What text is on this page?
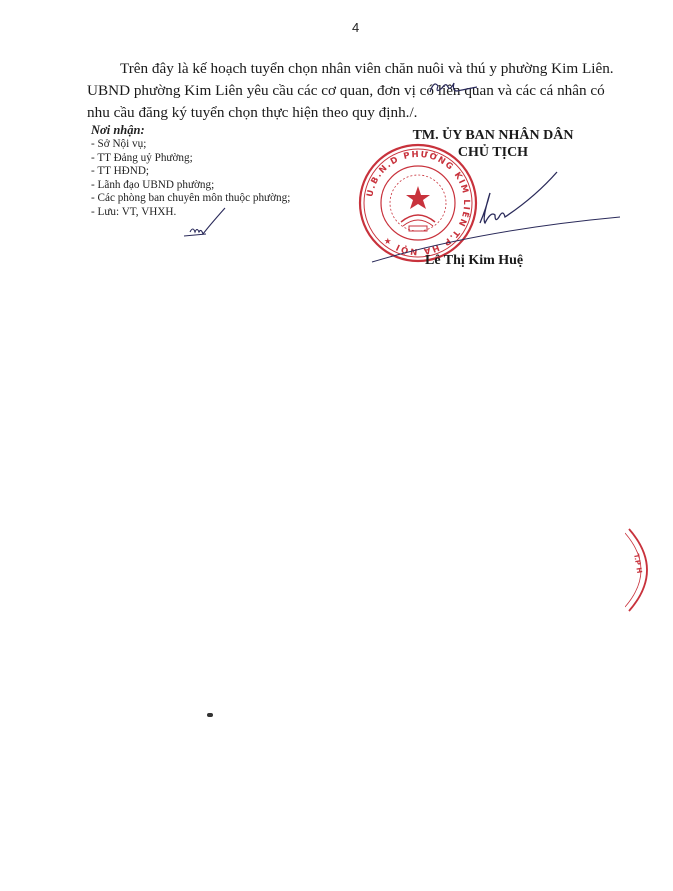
4
Trên đây là kế hoạch tuyển chọn nhân viên chăn nuôi và thú y phường Kim Liên.
UBND phường Kim Liên yêu cầu các cơ quan, đơn vị có liên quan và các cá nhân có
nhu cầu đăng ký tuyển chọn thực hiện theo quy định./.
Nơi nhận:
- Sở Nội vụ;
- TT Đảng uỷ Phường;
- TT HĐND;
- Lãnh đạo UBND phường;
- Các phòng ban chuyên môn thuộc phường;
- Lưu: VT, VHXH.
TM. ỦY BAN NHÂN DÂN
CHỦ TỊCH
U.B.N.D PHƯỜNG KIM LIÊN T.P HÀ NỘI ★
Lê Thị Kim Huệ
T.P H
